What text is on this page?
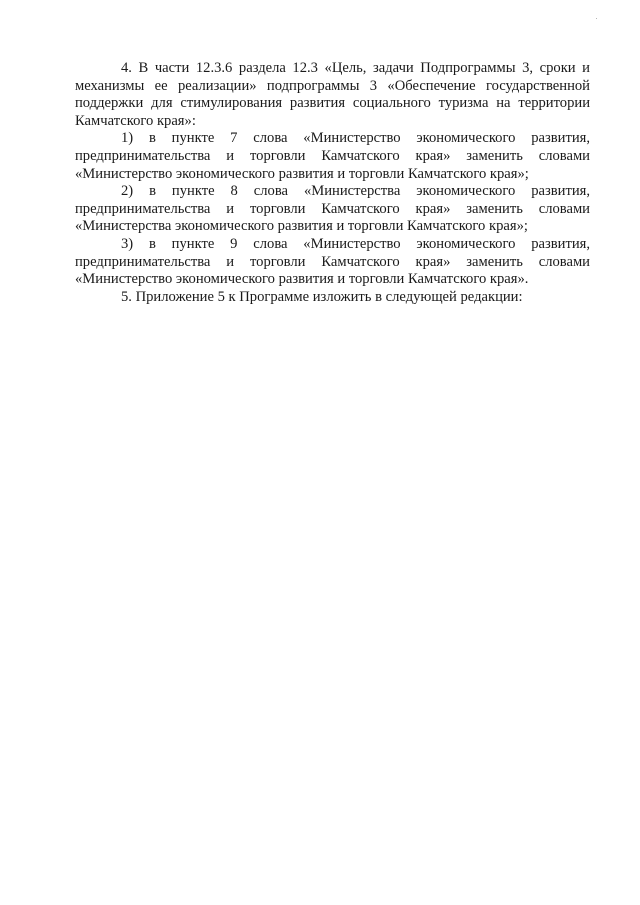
4. В части 12.3.6 раздела 12.3 «Цель, задачи Подпрограммы 3, сроки и механизмы ее реализации» подпрограммы 3 «Обеспечение государственной поддержки для стимулирования развития социального туризма на территории Камчатского края»:

1) в пункте 7 слова «Министерство экономического развития, предпринимательства и торговли Камчатского края» заменить словами «Министерство экономического развития и торговли Камчатского края»;

2) в пункте 8 слова «Министерства экономического развития, предпринимательства и торговли Камчатского края» заменить словами «Министерства экономического развития и торговли Камчатского края»;

3) в пункте 9 слова «Министерство экономического развития, предпринимательства и торговли Камчатского края» заменить словами «Министерство экономического развития и торговли Камчатского края».

5. Приложение 5 к Программе изложить в следующей редакции:
